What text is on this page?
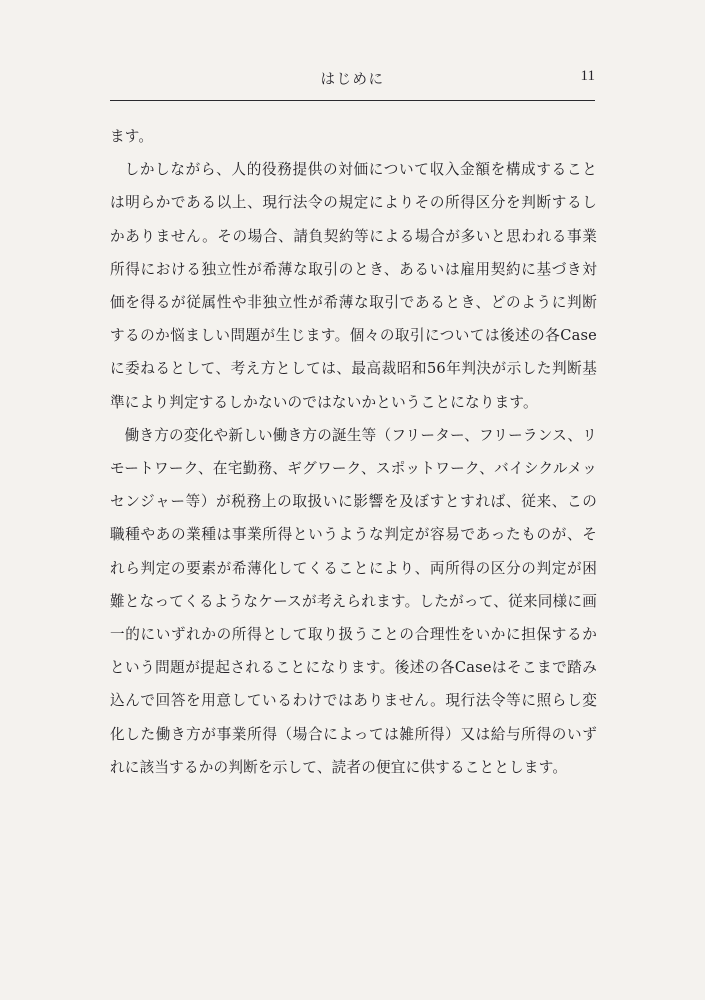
はじめに	11

ます。

しかしながら、人的役務提供の対価について収入金額を構成することは明らかである以上、現行法令の規定によりその所得区分を判断するしかありません。その場合、請負契約等による場合が多いと思われる事業所得における独立性が希薄な取引のとき、あるいは雇用契約に基づき対価を得るが従属性や非独立性が希薄な取引であるとき、どのように判断するのか悩ましい問題が生じます。個々の取引については後述の各Caseに委ねるとして、考え方としては、最高裁昭和56年判決が示した判断基準により判定するしかないのではないかということになります。

働き方の変化や新しい働き方の誕生等（フリーター、フリーランス、リモートワーク、在宅勤務、ギグワーク、スポットワーク、バイシクルメッセンジャー等）が税務上の取扱いに影響を及ぼすとすれば、従来、この職種やあの業種は事業所得というような判定が容易であったものが、それら判定の要素が希薄化してくることにより、両所得の区分の判定が困難となってくるようなケースが考えられます。したがって、従来同様に画一的にいずれかの所得として取り扱うことの合理性をいかに担保するかという問題が提起されることになります。後述の各Caseはそこまで踏み込んで回答を用意しているわけではありません。現行法令等に照らし変化した働き方が事業所得（場合によっては雑所得）又は給与所得のいずれに該当するかの判断を示して、読者の便宜に供することとします。
